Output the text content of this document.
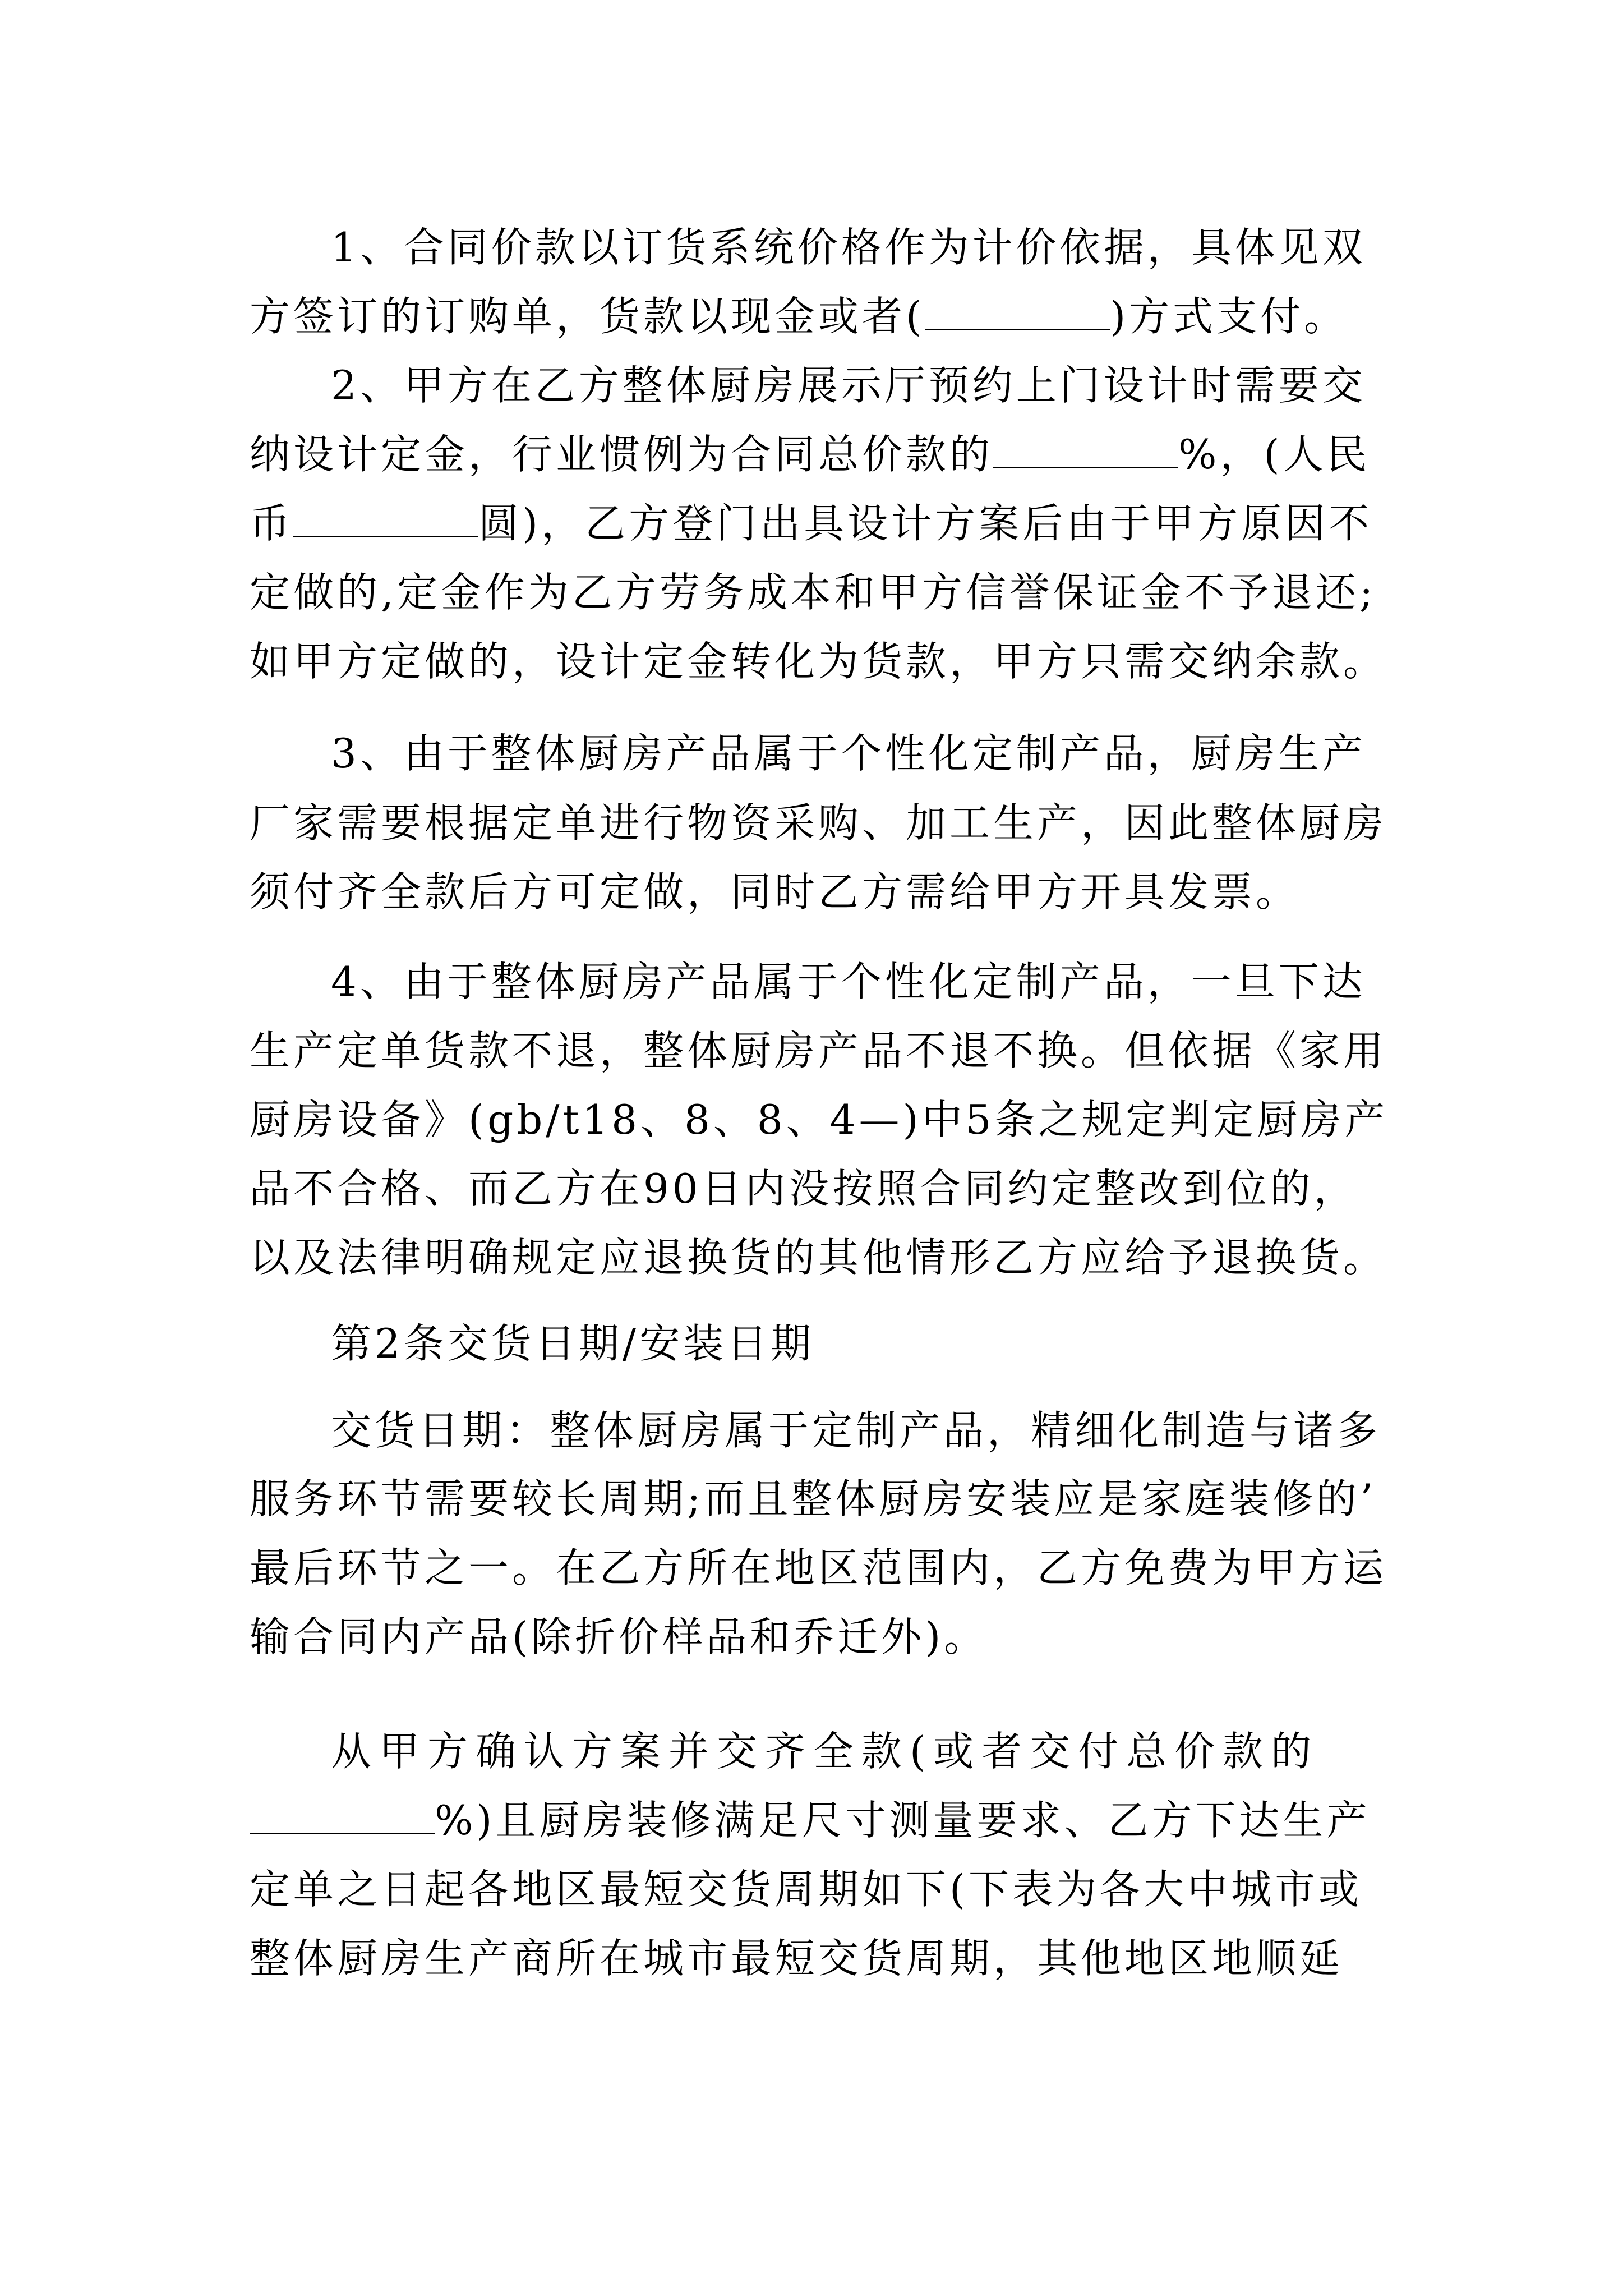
1、合同价款以订货系统价格作为计价依据，具体见双
方签订的订购单，货款以现金或者(	)方式支付。
2、甲方在乙方整体厨房展示厅预约上门设计时需要交
纳设计定金，行业惯例为合同总价款的	%，(人民
币	圆)，乙方登门出具设计方案后由于甲方原因不
定做的,定金作为乙方劳务成本和甲方信誉保证金不予退还;
如甲方定做的，设计定金转化为货款，甲方只需交纳余款。
3、由于整体厨房产品属于个性化定制产品，厨房生产
厂家需要根据定单进行物资采购、加工生产，因此整体厨房
须付齐全款后方可定做，同时乙方需给甲方开具发票。
4、由于整体厨房产品属于个性化定制产品，一旦下达
生产定单货款不退，整体厨房产品不退不换。但依据《家用
厨房设备》(gb/t18、8、8、4—)中5条之规定判定厨房产
品不合格、而乙方在90日内没按照合同约定整改到位的，
以及法律明确规定应退换货的其他情形乙方应给予退换货。
第2条交货日期/安装日期
交货日期：整体厨房属于定制产品，精细化制造与诸多
服务环节需要较长周期;而且整体厨房安装应是家庭装修的’
最后环节之一。在乙方所在地区范围内，乙方免费为甲方运
输合同内产品(除折价样品和乔迁外)。
从甲方确认方案并交齐全款(或者交付总价款的
%)且厨房装修满足尺寸测量要求、乙方下达生产
定单之日起各地区最短交货周期如下(下表为各大中城市或
整体厨房生产商所在城市最短交货周期，其他地区地顺延
